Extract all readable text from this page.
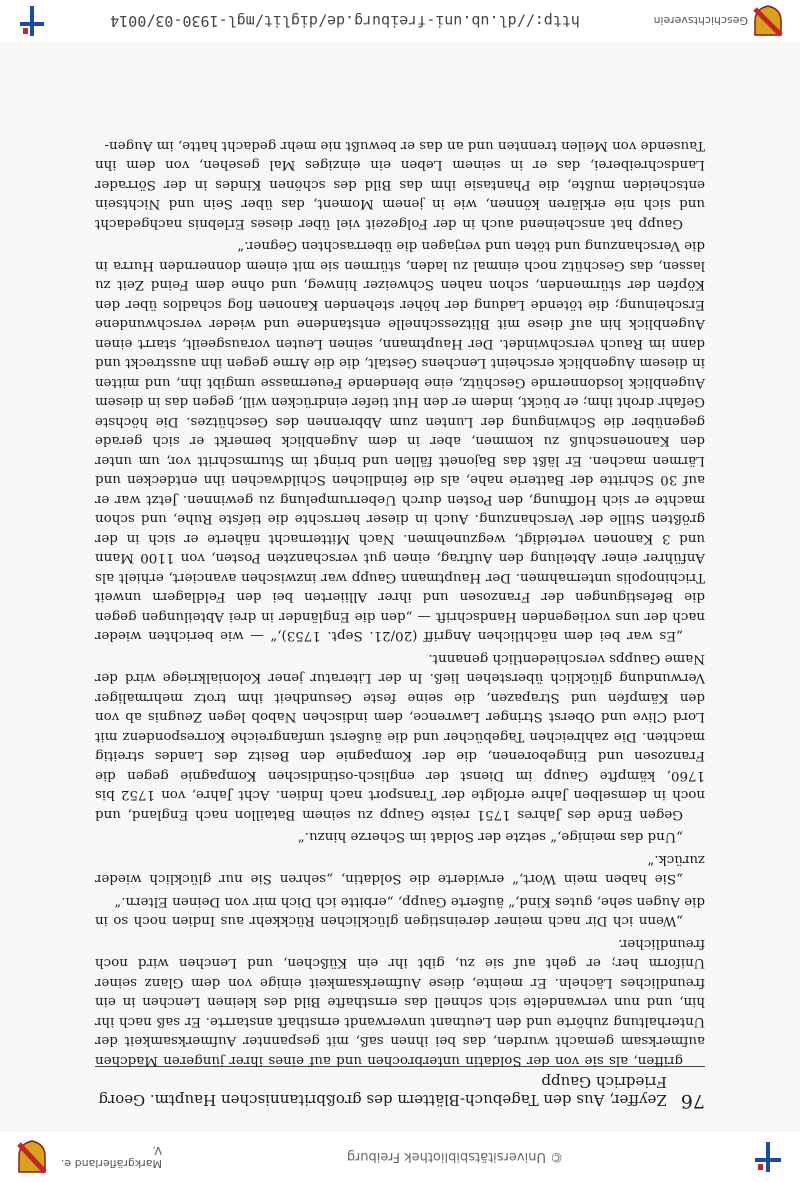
© Universitätsbibliothek Freiburg
Markgräflerland e. V.
76
Zeyffer, Aus den Tagebuch-Blättern des großbritannischen Hauptm. Georg Friedrich Gaupp

griffen, als sie von der Soldatin unterbrochen und auf eines ihrer jüngeren Mädchen aufmerksam gemacht wurden, das bei ihnen saß, mit gespannter Aufmerksamkeit der Unterhaltung zuhörte und den Leutnant unverwandt ernsthaft anstarrte. Er saß nach ihr hin, und nun verwandelte sich schnell das ernsthafte Bild des kleinen Lenchen in ein freundliches Lächeln. Er meinte, diese Aufmerksamkeit einige von dem Glanz seiner Uniform her; er geht auf sie zu, gibt ihr ein Küßchen, und Lenchen wird noch freundlicher.

„Wenn ich Dir nach meiner dereinstigen glücklichen Rückkehr aus Indien noch so in die Augen sehe, gutes Kind,“ äußerte Gaupp, „erbitte ich Dich mir von Deinen Eltern.“

„Sie haben mein Wort,“ erwiderte die Soldatin, „sehren Sie nur glücklich wieder zurück.“

„Und das meinige,“ setzte der Soldat im Scherze hinzu.“

Gegen Ende des Jahres 1751 reiste Gaupp zu seinem Bataillon nach England, und noch in demselben Jahre erfolgte der Transport nach Indien. Acht Jahre, von 1752 bis 1760, kämpfte Gaupp im Dienst der englisch-ostindischen Kompagnie gegen die Franzosen und Eingeborenen, die der Kompagnie den Besitz des Landes streitig machten. Die zahlreichen Tagebücher und die äußerst umfangreiche Korrespondenz mit Lord Clive und Oberst Stringer Lawrence, dem indischen Nabob legen Zeugnis ab von den Kämpfen und Strapazen, die seine feste Gesundheit ihm trotz mehrmaliger Verwundung glücklich überstehen ließ. In der Literatur jener Kolonialkriege wird der Name Gaupps verschiedentlich genannt.

„Es war bei dem nächtlichen Angriff (20/21. Sept. 1753),“ — wie berichten wieder nach der uns vorliegenden Handschrift — „den die Engländer in drei Abteilungen gegen die Befestigungen der Franzosen und ihrer Alliierten bei den Feldlagern unweit Trichinopolis unternahmen. Der Hauptmann Gaupp war inzwischen avanciert, erhielt als Anführer einer Abteilung den Auftrag, einen gut verschanzten Posten, von 1100 Mann und 3 Kanonen verteidigt, wegzunehmen. Nach Mitternacht näherte er sich in der größten Stille der Verschanzung. Auch in dieser herrschte die tiefste Ruhe, und schon machte er sich Hoffnung, den Posten durch Ueberrumpelung zu gewinnen. Jetzt war er auf 30 Schritte der Batterie nahe, als die feindlichen Schildwachen ihn entdecken und Lärmen machen. Er läßt das Bajonett fällen und bringt im Sturmschritt vor, um unter den Kanonenschuß zu kommen, aber in dem Augenblick bemerkt er sich gerade gegenüber die Schwingung der Lunten zum Abbrennen des Geschützes. Die höchste Gefahr droht ihm; er bückt, indem er den Hut tiefer eindrücken will, gegen das in diesem Augenblick losdonnernde Geschütz, eine blendende Feuermasse umgibt ihn, und mitten in diesem Augenblick erscheint Lenchens Gestalt, die die Arme gegen ihn ausstreckt und dann im Rauch verschwindet. Der Hauptmann, seinen Leuten vorausgeeilt, starrt einen Augenblick hin auf diese mit Blitzesschnelle entstandene und wieder verschwundene Erscheinung; die tötende Ladung der höher stehenden Kanonen flog schadlos über den Köpfen der stürmenden, schon nahen Schweizer hinweg, und ohne dem Feind Zeit zu lassen, das Geschütz noch einmal zu laden, stürmen sie mit einem donnernden Hurra in die Verschanzung und töten und verjagen die überraschten Gegner.“

Gaupp hat anscheinend auch in der Folgezeit viel über dieses Erlebnis nachgedacht und sich nie erklären können, wie in jenem Moment, das über Sein und Nichtsein entscheiden mußte, die Phantasie ihm das Bild des schönen Kindes in der Sörrader Landschreiberei, das er in seinem Leben ein einziges Mal gesehen, von dem ihn Tausende von Meilen trennten und an das er bewußt nie mehr gedacht hatte, im Augen-

Geschichtsverein
http://dl.ub.uni-freiburg.de/diglit/mgl-1930-03/0014
